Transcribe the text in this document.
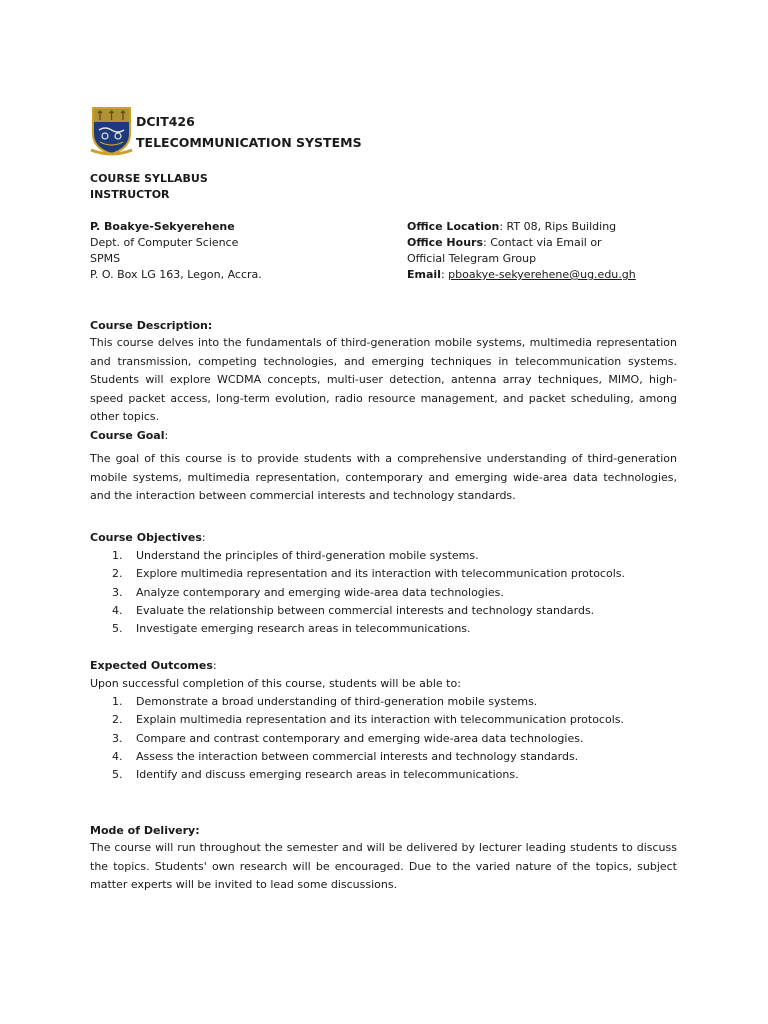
DCIT426
TELECOMMUNICATION SYSTEMS
COURSE SYLLABUS
INSTRUCTOR
P. Boakye-Sekyerehene
Dept. of Computer Science
SPMS
P. O. Box LG 163, Legon, Accra.
Office Location: RT 08, Rips Building
Office Hours: Contact via Email or
Official Telegram Group
Email: pboakye-sekyerehene@ug.edu.gh
Course Description:
This course delves into the fundamentals of third-generation mobile systems, multimedia representation and transmission, competing technologies, and emerging techniques in telecommunication systems. Students will explore WCDMA concepts, multi-user detection, antenna array techniques, MIMO, high-speed packet access, long-term evolution, radio resource management, and packet scheduling, among other topics.
Course Goal:
The goal of this course is to provide students with a comprehensive understanding of third-generation mobile systems, multimedia representation, contemporary and emerging wide-area data technologies, and the interaction between commercial interests and technology standards.
Course Objectives:
1.	Understand the principles of third-generation mobile systems.
2.	Explore multimedia representation and its interaction with telecommunication protocols.
3.	Analyze contemporary and emerging wide-area data technologies.
4.	Evaluate the relationship between commercial interests and technology standards.
5.	Investigate emerging research areas in telecommunications.
Expected Outcomes:
Upon successful completion of this course, students will be able to:
1.	Demonstrate a broad understanding of third-generation mobile systems.
2.	Explain multimedia representation and its interaction with telecommunication protocols.
3.	Compare and contrast contemporary and emerging wide-area data technologies.
4.	Assess the interaction between commercial interests and technology standards.
5.	Identify and discuss emerging research areas in telecommunications.
Mode of Delivery:
The course will run throughout the semester and will be delivered by lecturer leading students to discuss the topics. Students' own research will be encouraged. Due to the varied nature of the topics, subject matter experts will be invited to lead some discussions.
